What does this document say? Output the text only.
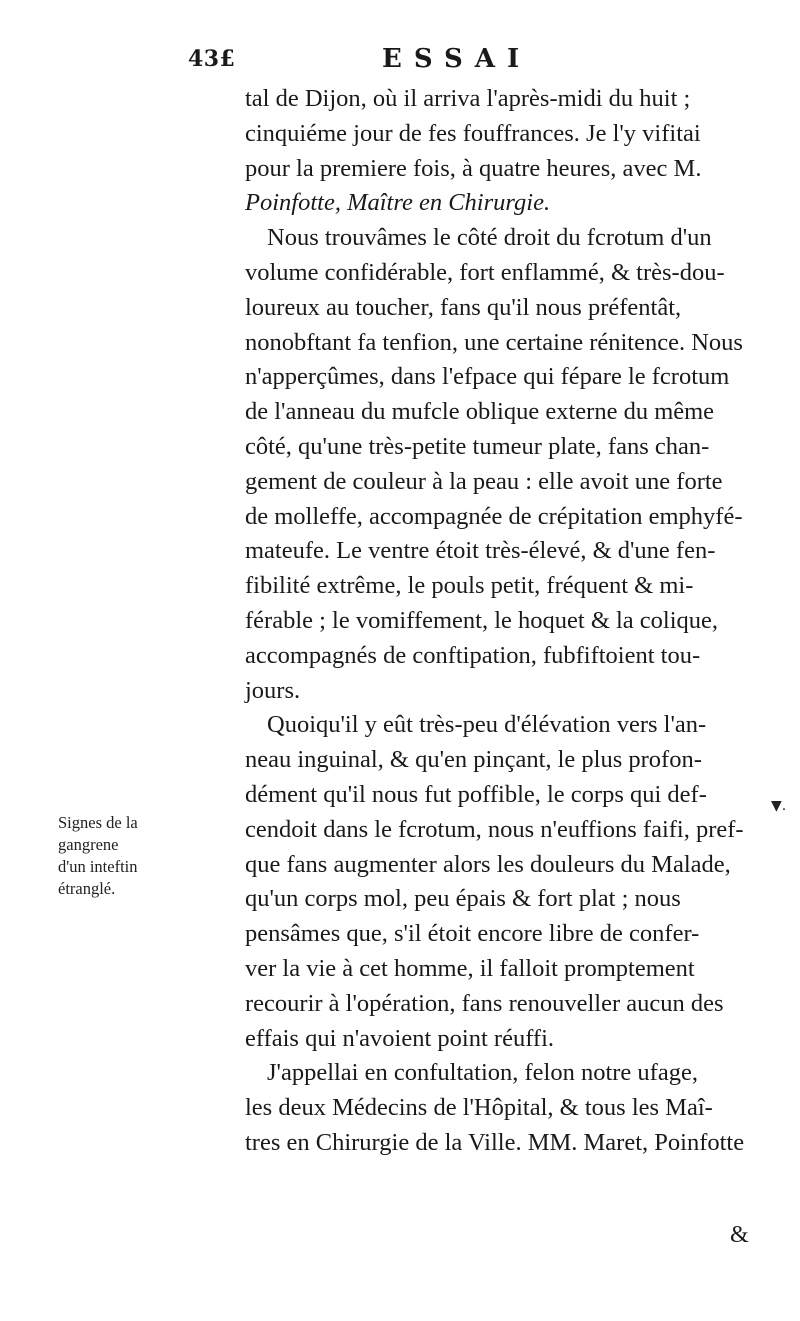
43£	ESSAI
Signes de la
gangrene
d'un inteftin
étranglé.
▼.

tal de Dijon, où il arriva l'après-midi du huit ;
cinquiéme jour de fes fouffrances. Je l'y vifitai
pour la premiere fois, à quatre heures, avec M.
Poinfotte, Maître en Chirurgie.

Nous trouvâmes le côté droit du fcrotum d'un
volume confidérable, fort enflammé, & très-dou-
loureux au toucher, fans qu'il nous préfentât,
nonobftant fa tenfion, une certaine rénitence. Nous
n'apperçûmes, dans l'efpace qui fépare le fcrotum
de l'anneau du mufcle oblique externe du même
côté, qu'une très-petite tumeur plate, fans chan-
gement de couleur à la peau : elle avoit une forte
de molleffe, accompagnée de crépitation emphyfé-
mateufe. Le ventre étoit très-élevé, & d'une fen-
fibilité extrême, le pouls petit, fréquent & mi-
férable ; le vomiffement, le hoquet & la colique,
accompagnés de conftipation, fubfiftoient tou-
jours.

Quoiqu'il y eût très-peu d'élévation vers l'an-
neau inguinal, & qu'en pinçant, le plus profon-
dément qu'il nous fut poffible, le corps qui def-
cendoit dans le fcrotum, nous n'euffions faifi, pref-
que fans augmenter alors les douleurs du Malade,
qu'un corps mol, peu épais & fort plat ; nous
pensâmes que, s'il étoit encore libre de confer-
ver la vie à cet homme, il falloit promptement
recourir à l'opération, fans renouveller aucun des
effais qui n'avoient point réuffi.

J'appellai en confultation, felon notre ufage,
les deux Médecins de l'Hôpital, & tous les Maî-
tres en Chirurgie de la Ville. MM. Maret, Poinfotte

&
